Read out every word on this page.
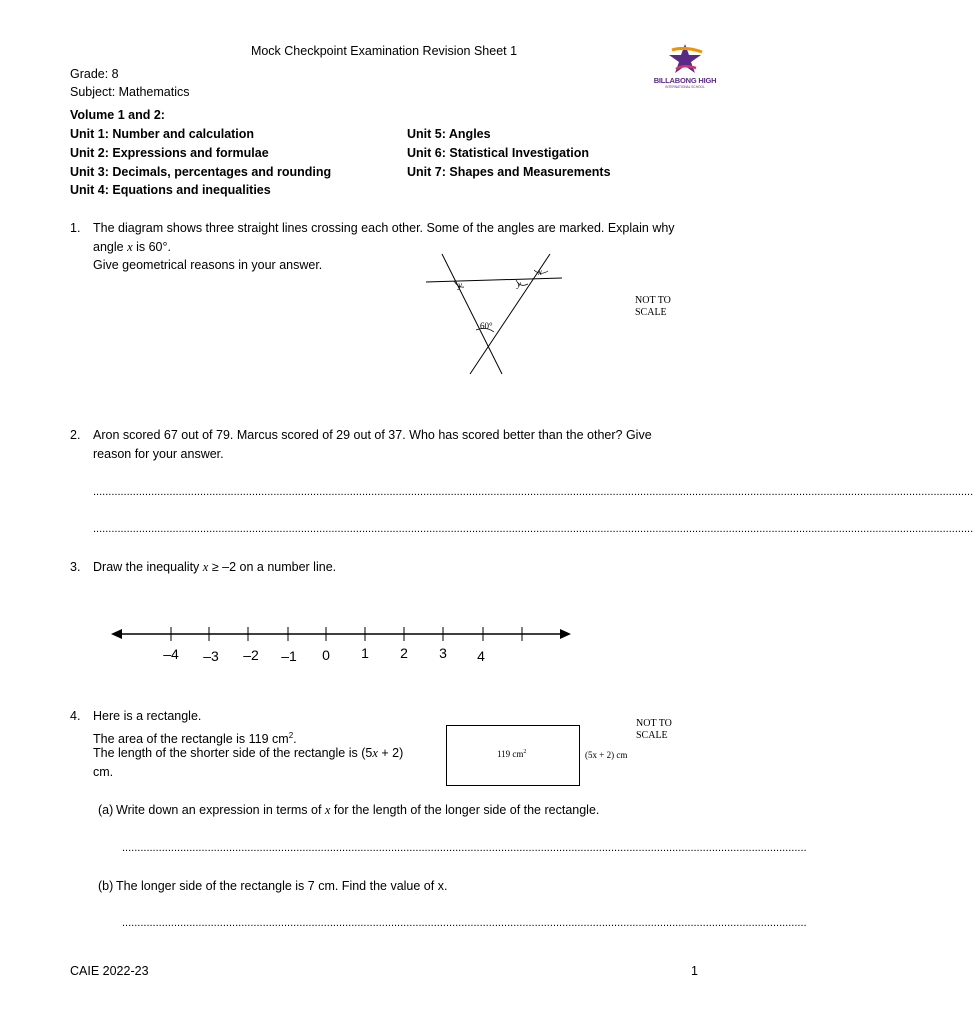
Mock Checkpoint Examination Revision Sheet 1
Grade: 8
Subject: Mathematics
Volume 1 and 2:
Unit 1: Number and calculation
Unit 2: Expressions and formulae
Unit 3: Decimals, percentages and rounding
Unit 4: Equations and inequalities
Unit 5: Angles
Unit 6: Statistical Investigation
Unit 7: Shapes and Measurements
BILLABONG HIGH
INTERNATIONAL SCHOOL
1. The diagram shows three straight lines crossing each other. Some of the angles are marked. Explain why
angle x is 60°.
Give geometrical reasons in your answer.
y	y
x
60°
NOT TO
SCALE
2. Aron scored 67 out of 79. Marcus scored of 29 out of 37. Who has scored better than the other? Give
reason for your answer.
................................................................................................................................................................................................................................................................................................
................................................................................................................................................................................................................................................................................................
3. Draw the inequality x ≥ –2 on a number line.
–4 –3 –2 –1 0 1 2 3 4
4. Here is a rectangle.
The area of the rectangle is 119 $cm^2$.
The length of the shorter side of the rectangle is (5x + 2)
cm.
119 $cm^2$	(5x + 2) cm
NOT TO
SCALE
(a) Write down an expression in terms of x for the length of the longer side of the rectangle.
................................................................................................................................................................................................................................
(b) The longer side of the rectangle is 7 cm. Find the value of x.
................................................................................................................................................................................................................................
CAIE 2022-23	1
